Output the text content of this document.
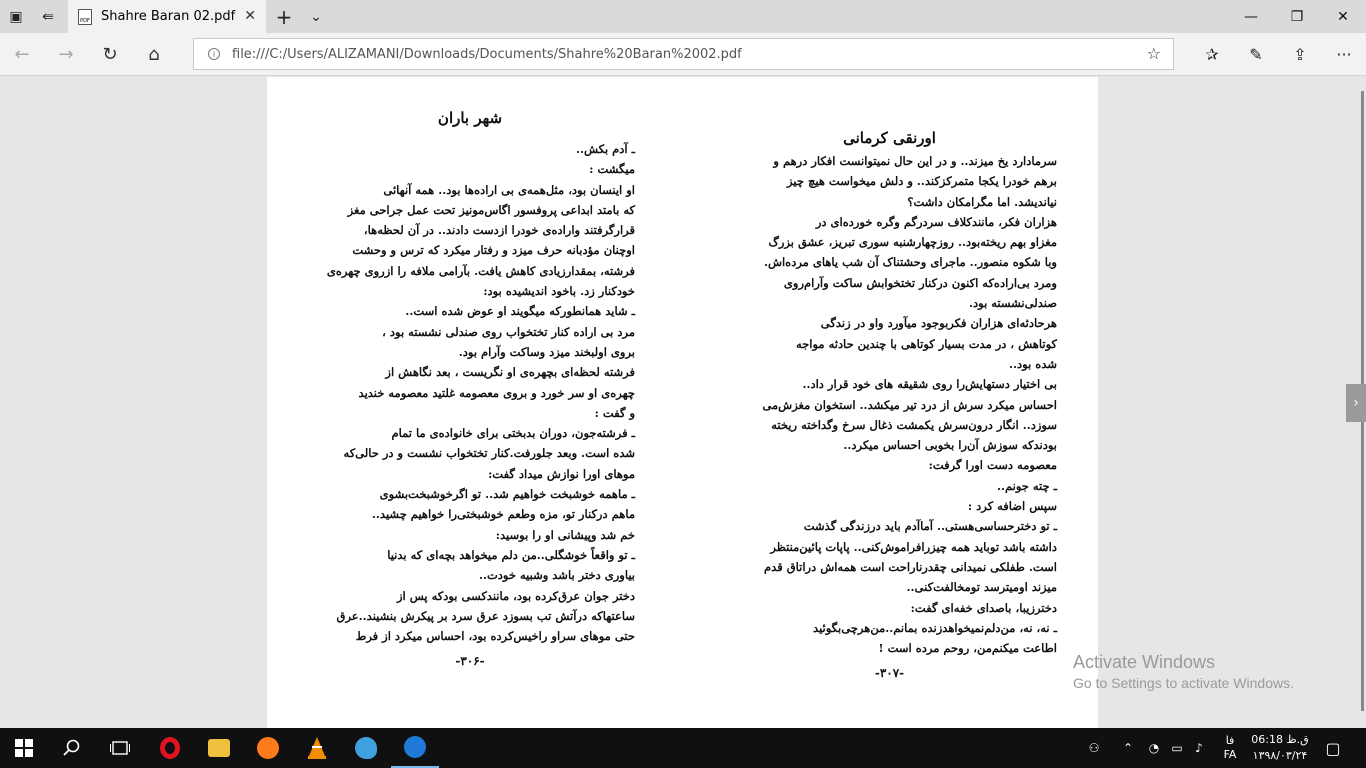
▣	⇚	PDF Shahre Baran 02.pdf ✕ +	⌄	—	❐	✕
←	→	↻	⌂	i	file:///C:/Users/ALIZAMANI/Downloads/Documents/Shahre%20Baran%2002.pdf	☆	✰	✎	⇪	···
شهر باران

ـ آدم بکش..

میگشت :

او اینسان بود، مثل‌همه‌ی بی اراده‌ها بود.. همه آنهائی

که بامتد ابداعی پروفسور اگاس‌مونیز تحت عمل جراحی مغز

قرارگرفتند واراده‌ی خودرا ازدست دادند.. در آن لحظه‌ها،

اوچنان مؤدبانه حرف میزد و رفتار میکرد که ترس و وحشت

فرشته، بمقدارزیادی کاهش یافت. بآرامی ملافه را ازروی چهره‌ی

خودکنار زد. باخود اندیشیده بود:

ـ شاید همانطورکه میگویند او عوض شده است..

مرد بی اراده کنار تختخواب روی صندلی نشسته بود ،

بروی اولبخند میزد وساکت وآرام بود.

فرشته لحظه‌ای بچهره‌ی او نگریست ، بعد نگاهش از

چهره‌ی او سر خورد و بروی معصومه غلتید معصومه خندید

و گفت :

ـ فرشته‌جون، دوران بدبختی برای خانواده‌ی ما تمام

شده است. وبعد جلورفت.کنار تختخواب نشست و در حالی‌که

موهای اورا نوازش میداد گفت:

ـ ماهمه خوشبخت خواهیم شد.. تو اگرخوشبخت‌بشوی

ماهم درکنار تو، مزه وطعم خوشبختی‌را خواهیم چشید..

خم شد وپیشانی او را بوسید:

ـ تو واقعاً خوشگلی..من دلم میخواهد بچه‌ای که بدنیا

بیاوری دختر باشد وشبیه خودت..

دختر جوان عرق‌کرده بود، مانندکسی بودکه پس از

ساعتهاکه درآتش تب بسوزد عرق سرد بر پیکرش بنشیند..عرق

حتی موهای سراو راخیس‌کرده بود، احساس میکرد از فرط

-۳۰۶-
اورنقی کرمانی

سرمادارد یخ میزند.. و در این حال نمیتوانست افکار درهم و

برهم خودرا یکجا متمرکزکند.. و دلش میخواست هیچ چیز

نیاندیشد. اما مگرامکان داشت؟

هزاران فکر، مانندکلاف سردرگم وگره خورده‌ای در

مغزاو بهم ریخته‌بود.. روزچهارشنبه سوری تبریز، عشق بزرگ

وبا شکوه منصور.. ماجرای وحشتناک آن شب یاهای مرده‌اش.

ومرد بی‌اراده‌که اکنون درکنار تختخوابش ساکت وآرام‌روی

صندلی‌نشسته بود.

هرحادثه‌ای هزاران فکربوجود میآورد واو در زندگی

کوتاهش ، در مدت بسیار کوتاهی با چندین حادثه مواجه

شده بود..

بی اختیار دستهایش‌را روی شقیقه های خود قرار داد..

احساس میکرد سرش از درد تیر میکشد.. استخوان مغزش‌می‌

سوزد.. انگار درون‌سرش یکمشت ذغال سرخ وگداخته ریخته

بودندکه سوزش آن‌را بخوبی احساس میکرد..

معصومه دست اورا گرفت:

ـ چته جونم..

سپس اضافه کرد :

ـ تو دخترحساسی‌هستی.. آماآدم باید درزندگی گذشت

داشته باشد توباید همه چیزرافراموش‌کنی.. پاپات پائین‌منتظر

است. طفلکی نمیدانی چقدرناراحت است همه‌اش دراتاق قدم

میزند اومیترسد تومخالفت‌کنی..

دخترزیبا، باصدای خفه‌ای گفت:

ـ نه، نه، من‌دلم‌نمیخواهدزنده بمانم..من‌هرچی‌بگوئید

اطاعت میکنم‌من، روحم مرده است !

-۳۰۷-
›
Activate Windows
Go to Settings to activate Windows.
⚇	⌃	◔	▭	♪
فا
FA
ق.ظ 06:18
۱۳۹۸/۰۳/۲۴	▢
